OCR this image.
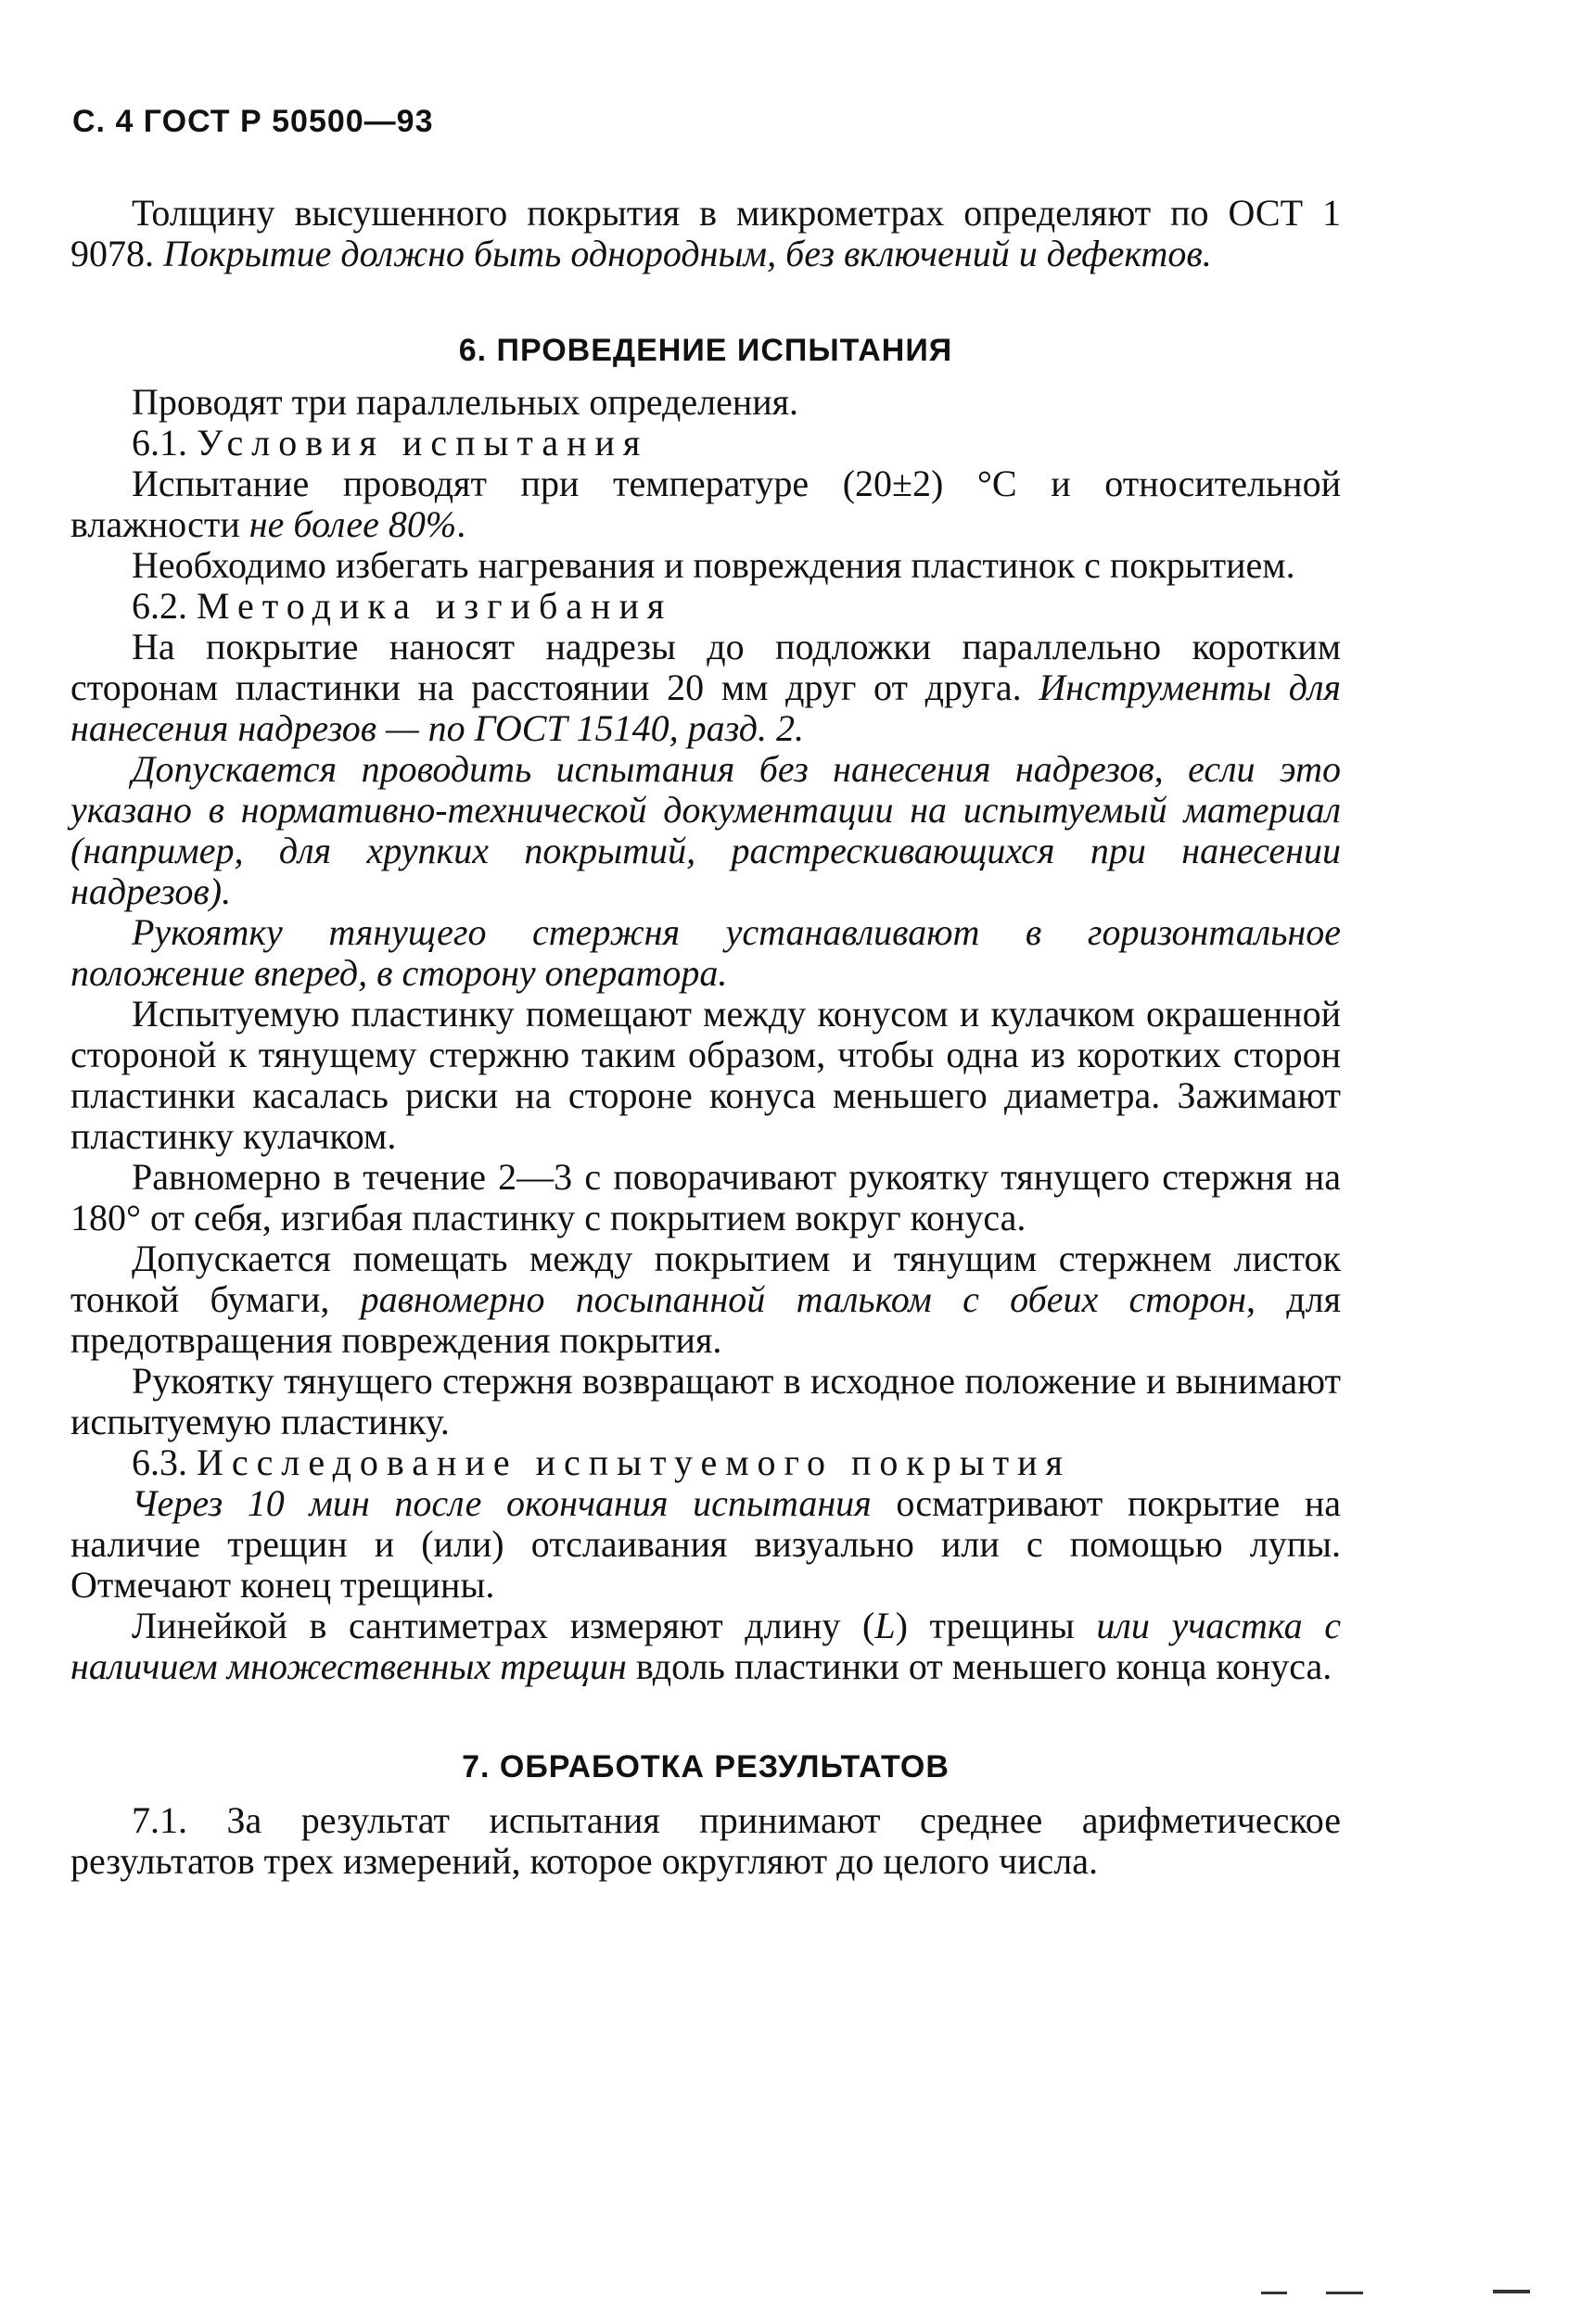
С. 4 ГОСТ Р 50500—93

Толщину высушенного покрытия в микрометрах определяют по ОСТ 1 9078. Покрытие должно быть однородным, без включений и дефектов.

6. ПРОВЕДЕНИЕ ИСПЫТАНИЯ

Проводят три параллельных определения.

6.1. Условия испытания

Испытание проводят при температуре (20±2) °С и относительной влажности не более 80%.

Необходимо избегать нагревания и повреждения пластинок с покрытием.

6.2. Методика изгибания

На покрытие наносят надрезы до подложки параллельно коротким сторонам пластинки на расстоянии 20 мм друг от друга. Инструменты для нанесения надрезов — по ГОСТ 15140, разд. 2.

Допускается проводить испытания без нанесения надрезов, если это указано в нормативно-технической документации на испытуемый материал (например, для хрупких покрытий, растрескивающихся при нанесении надрезов).

Рукоятку тянущего стержня устанавливают в горизонтальное положение вперед, в сторону оператора.

Испытуемую пластинку помещают между конусом и кулачком окрашенной стороной к тянущему стержню таким образом, чтобы одна из коротких сторон пластинки касалась риски на стороне конуса меньшего диаметра. Зажимают пластинку кулачком.

Равномерно в течение 2—3 с поворачивают рукоятку тянущего стержня на 180° от себя, изгибая пластинку с покрытием вокруг конуса.

Допускается помещать между покрытием и тянущим стержнем листок тонкой бумаги, равномерно посыпанной тальком с обеих сторон, для предотвращения повреждения покрытия.

Рукоятку тянущего стержня возвращают в исходное положение и вынимают испытуемую пластинку.

6.3. Исследование испытуемого покрытия

Через 10 мин после окончания испытания осматривают покрытие на наличие трещин и (или) отслаивания визуально или с помощью лупы. Отмечают конец трещины.

Линейкой в сантиметрах измеряют длину (L) трещины или участка с наличием множественных трещин вдоль пластинки от меньшего конца конуса.

7. ОБРАБОТКА РЕЗУЛЬТАТОВ

7.1. За результат испытания принимают среднее арифметическое результатов трех измерений, которое округляют до целого числа.
